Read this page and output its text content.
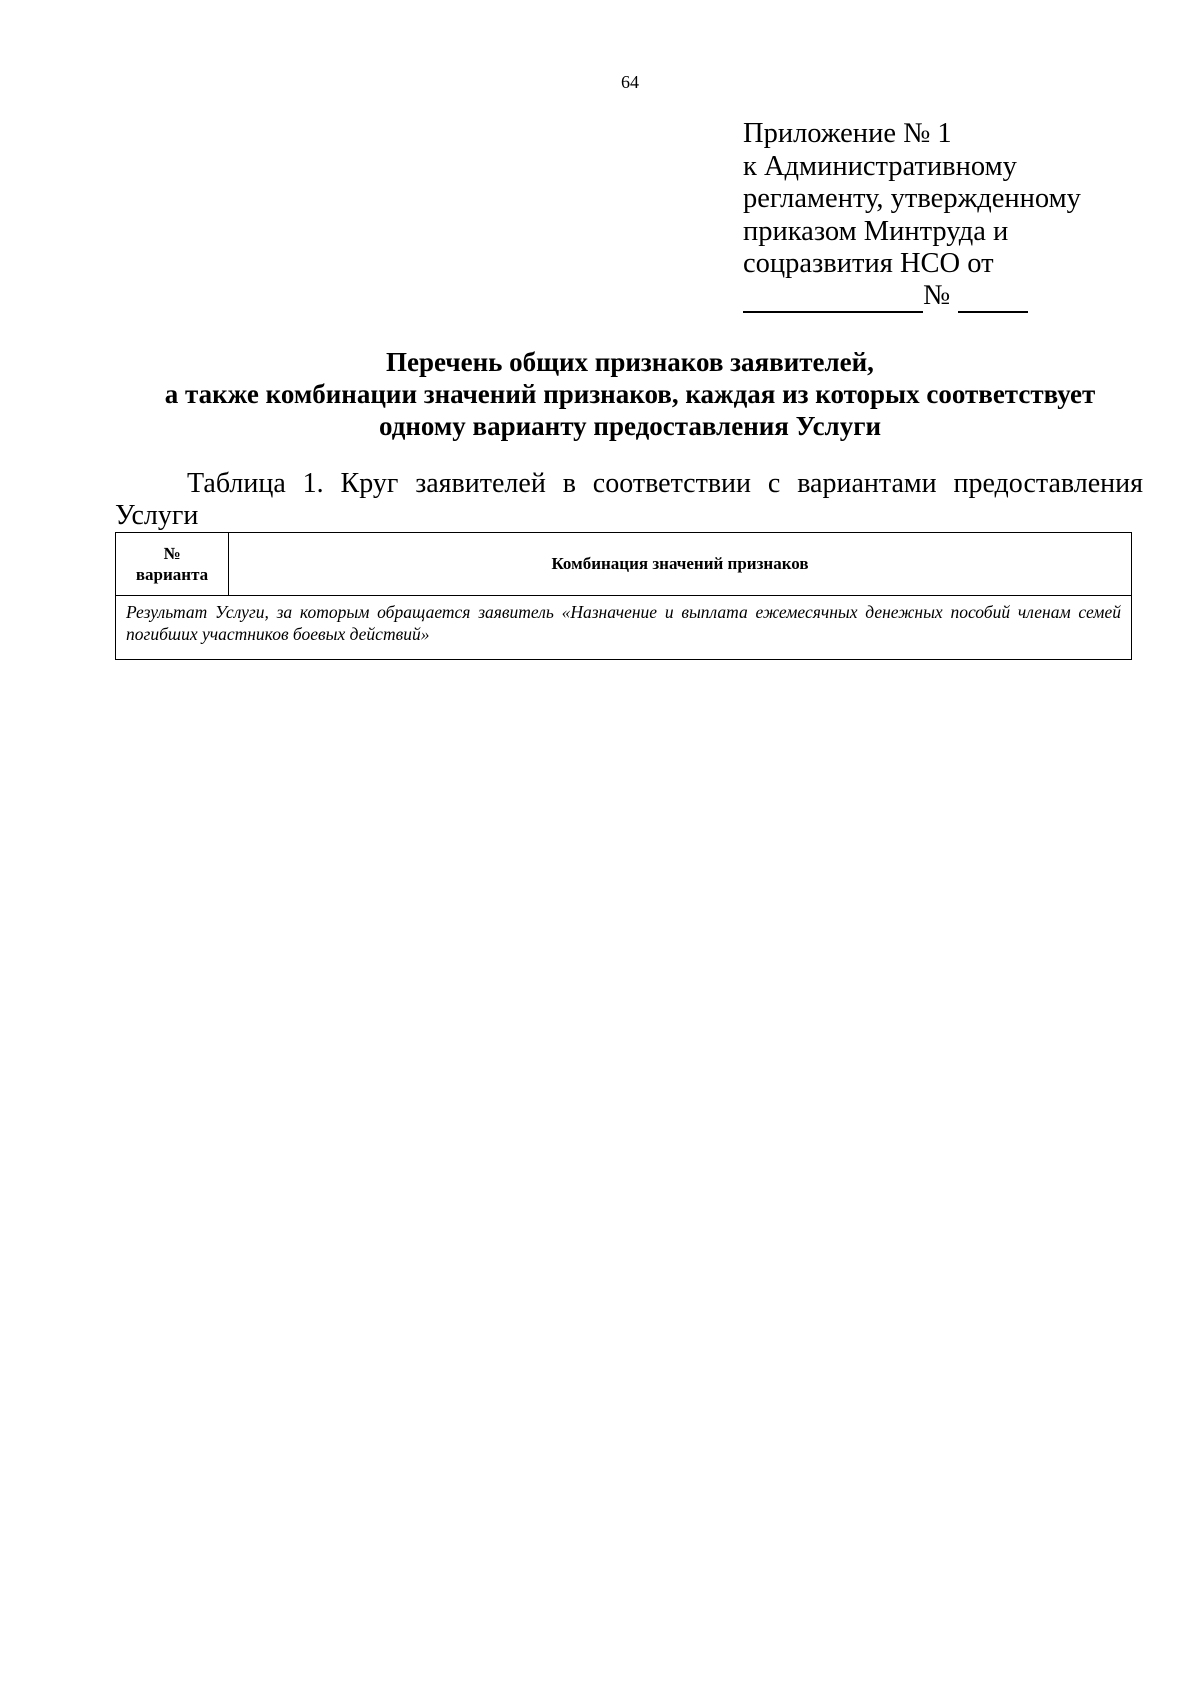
64
Приложение № 1
к Административному
регламенту, утвержденному
приказом Минтруда и
соцразвития НСО от
№
Перечень общих признаков заявителей,
а также комбинации значений признаков, каждая из которых соответствует
одному варианту предоставления Услуги
Таблица 1. Круг заявителей в соответствии с вариантами предоставления Услуги
№
варианта
Комбинация значений признаков
Результат Услуги, за которым обращается заявитель «Назначение и выплата ежемесячных денежных пособий членам семей погибших участников боевых действий»
